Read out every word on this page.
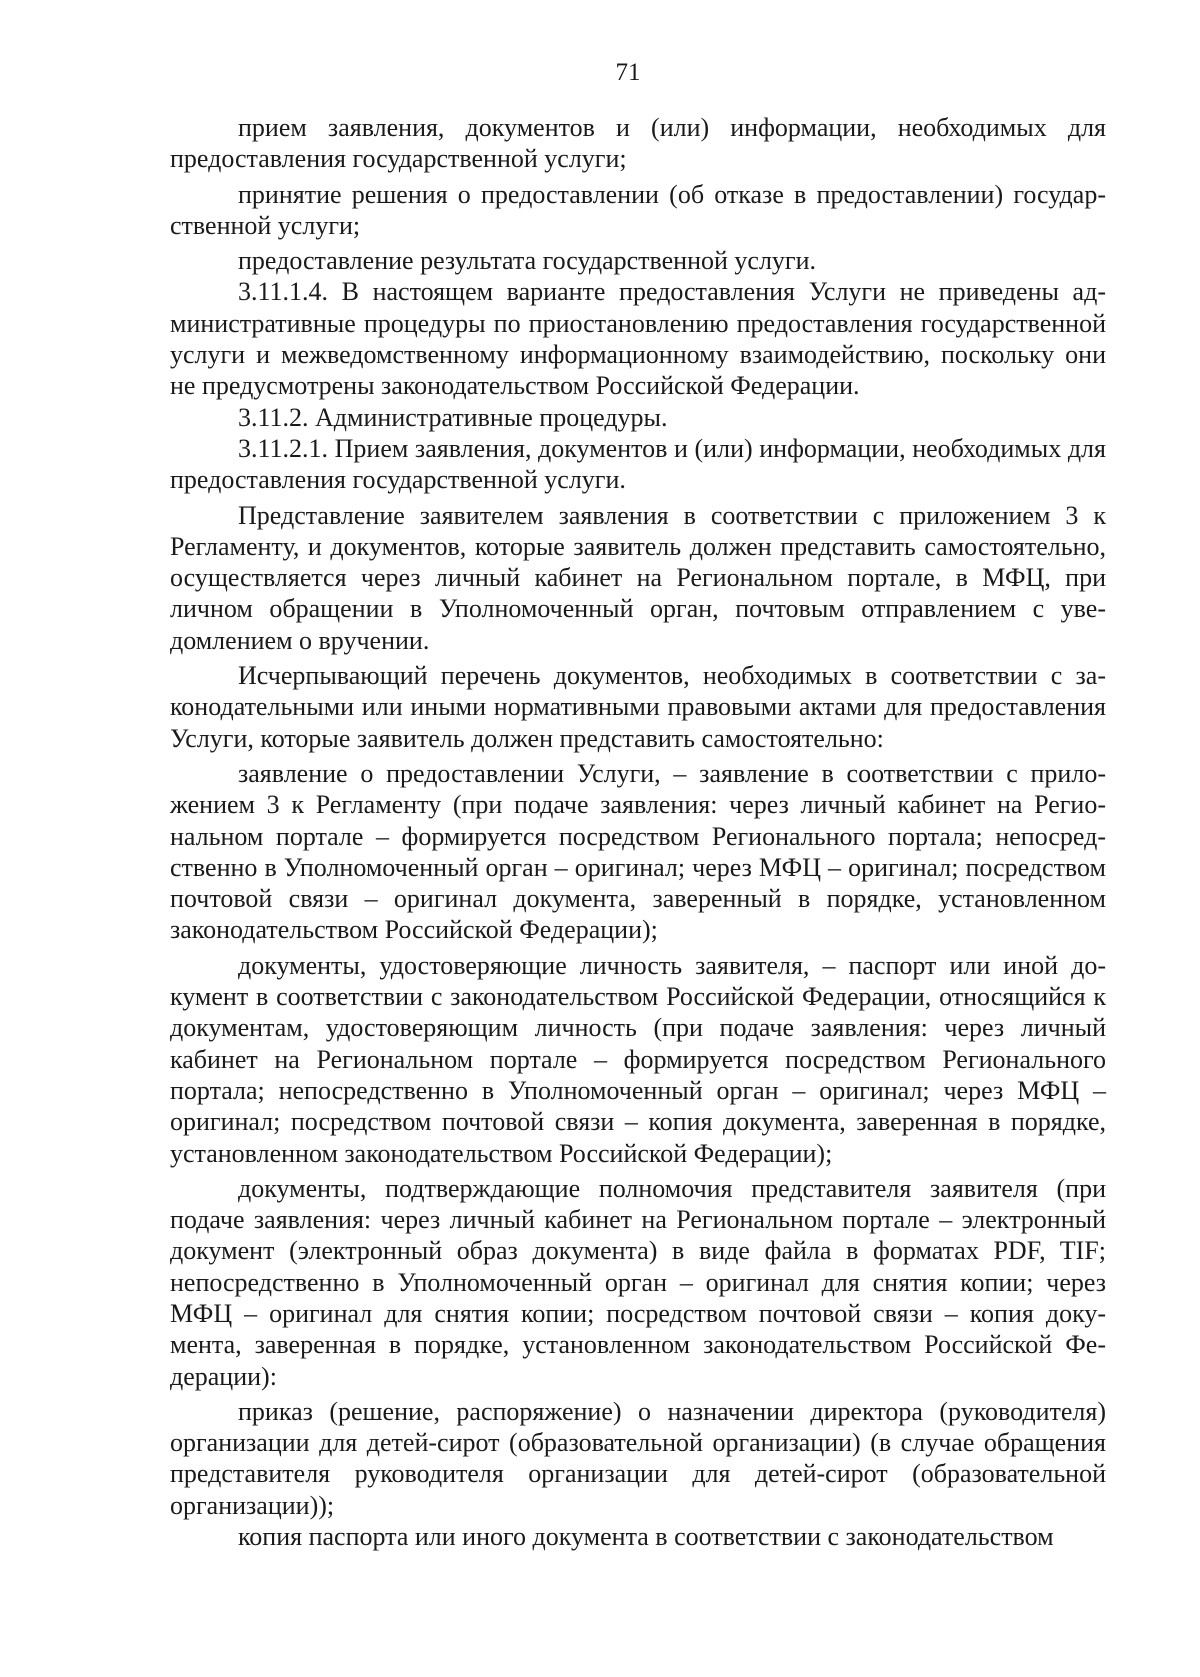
71

прием заявления, документов и (или) информации, необходимых для предоставления государственной услуги;

принятие решения о предоставлении (об отказе в предоставлении) государственной услуги;

предоставление результата государственной услуги.

3.11.1.4. В настоящем варианте предоставления Услуги не приведены административные процедуры по приостановлению предоставления государственной услуги и межведомственному информационному взаимодействию, поскольку они не предусмотрены законодательством Российской Федерации.

3.11.2. Административные процедуры.

3.11.2.1. Прием заявления, документов и (или) информации, необходимых для предоставления государственной услуги.

Представление заявителем заявления в соответствии с приложением 3 к Регламенту, и документов, которые заявитель должен представить самостоятельно, осуществляется через личный кабинет на Региональном портале, в МФЦ, при личном обращении в Уполномоченный орган, почтовым отправлением с уведомлением о вручении.

Исчерпывающий перечень документов, необходимых в соответствии с законодательными или иными нормативными правовыми актами для предоставления Услуги, которые заявитель должен представить самостоятельно:

заявление о предоставлении Услуги, – заявление в соответствии с приложением 3 к Регламенту (при подаче заявления: через личный кабинет на Региональном портале – формируется посредством Регионального портала; непосредственно в Уполномоченный орган – оригинал; через МФЦ – оригинал; посредством почтовой связи – оригинал документа, заверенный в порядке, установленном законодательством Российской Федерации);

документы, удостоверяющие личность заявителя, – паспорт или иной документ в соответствии с законодательством Российской Федерации, относящийся к документам, удостоверяющим личность (при подаче заявления: через личный кабинет на Региональном портале – формируется посредством Регионального портала; непосредственно в Уполномоченный орган – оригинал; через МФЦ – оригинал; посредством почтовой связи – копия документа, заверенная в порядке, установленном законодательством Российской Федерации);

документы, подтверждающие полномочия представителя заявителя (при подаче заявления: через личный кабинет на Региональном портале – электронный документ (электронный образ документа) в виде файла в форматах PDF, TIF; непосредственно в Уполномоченный орган – оригинал для снятия копии; через МФЦ – оригинал для снятия копии; посредством почтовой связи – копия документа, заверенная в порядке, установленном законодательством Российской Федерации):

приказ (решение, распоряжение) о назначении директора (руководителя) организации для детей-сирот (образовательной организации) (в случае обращения представителя руководителя организации для детей-сирот (образовательной организации));

копия паспорта или иного документа в соответствии с законодательством
